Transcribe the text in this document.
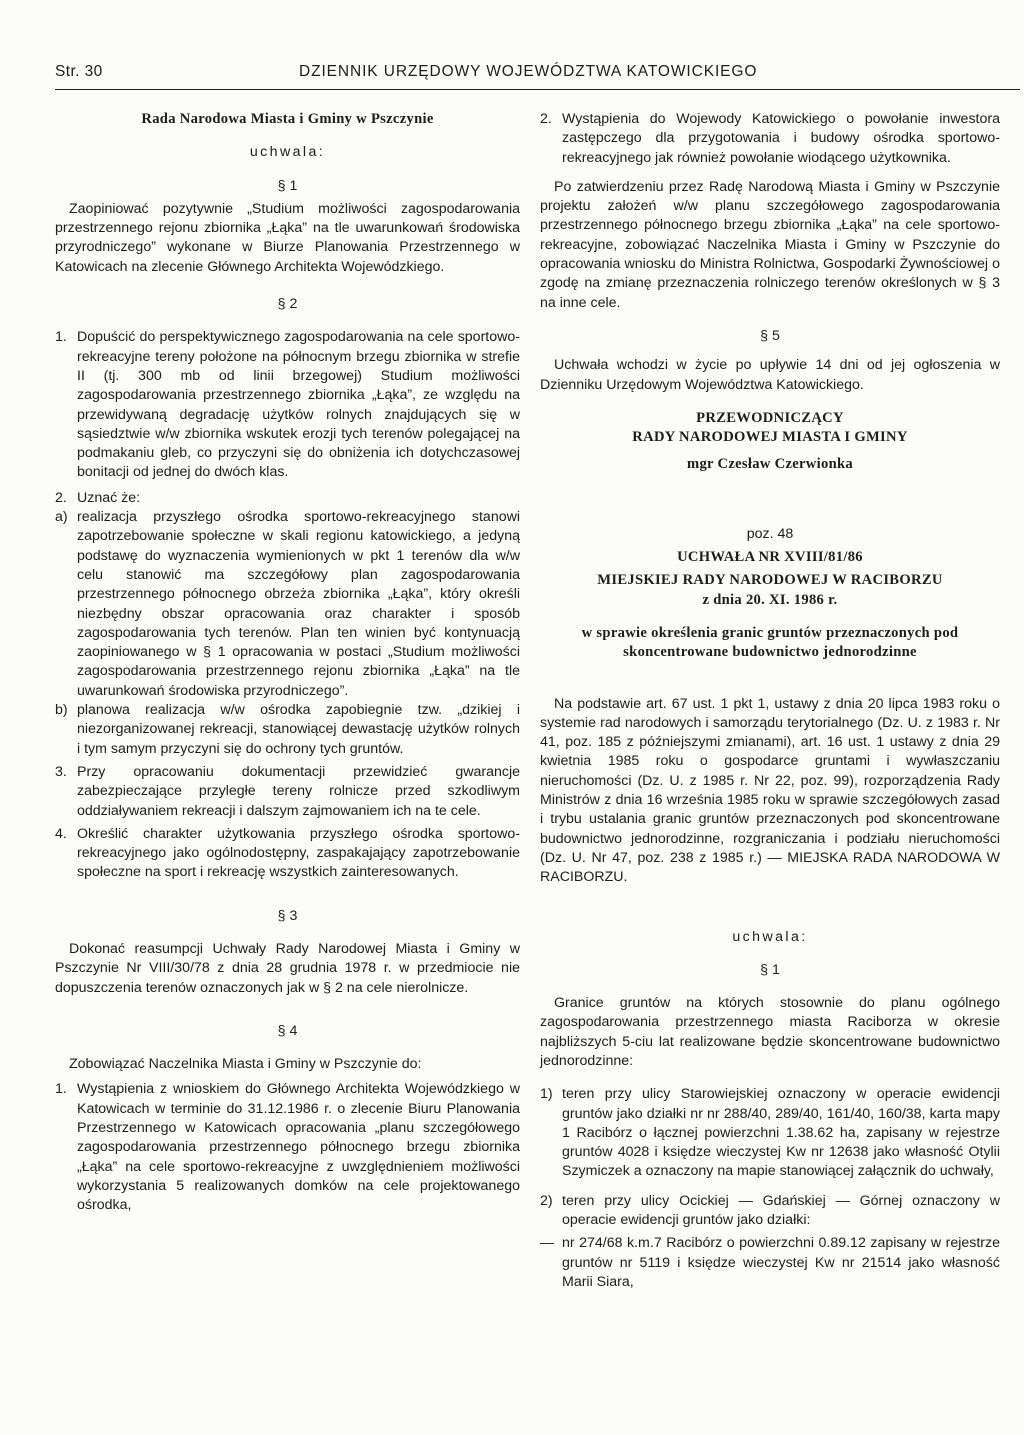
Str. 30	DZIENNIK URZĘDOWY WOJEWÓDZTWA KATOWICKIEGO

Rada Narodowa Miasta i Gminy w Pszczynie

uchwala:

§ 1

Zaopiniować pozytywnie „Studium możliwości zagospodarowania przestrzennego rejonu zbiornika „Łąka” na tle uwarunkowań środowiska przyrodniczego” wykonane w Biurze Planowania Przestrzennego w Katowicach na zlecenie Głównego Architekta Wojewódzkiego.

§ 2

1. Dopuścić do perspektywicznego zagospodarowania na cele sportowo-rekreacyjne tereny położone na północnym brzegu zbiornika w strefie II (tj. 300 mb od linii brzegowej) Studium możliwości zagospodarowania przestrzennego zbiornika „Łąka”, ze względu na przewidywaną degradację użytków rolnych znajdujących się w sąsiedztwie w/w zbiornika wskutek erozji tych terenów polegającej na podmakaniu gleb, co przyczyni się do obniżenia ich dotychczasowej bonitacji od jednej do dwóch klas.
2. Uznać że:
a) realizacja przyszłego ośrodka sportowo-rekreacyjnego stanowi zapotrzebowanie społeczne w skali regionu katowickiego, a jedyną podstawę do wyznaczenia wymienionych w pkt 1 terenów dla w/w celu stanowić ma szczegółowy plan zagospodarowania przestrzennego północnego obrzeża zbiornika „Łąka”, który określi niezbędny obszar opracowania oraz charakter i sposób zagospodarowania tych terenów. Plan ten winien być kontynuacją zaopiniowanego w § 1 opracowania w postaci „Studium możliwości zagospodarowania przestrzennego rejonu zbiornika „Łąka” na tle uwarunkowań środowiska przyrodniczego”.
b) planowa realizacja w/w ośrodka zapobiegnie tzw. „dzikiej i niezorganizowanej rekreacji, stanowiącej dewastację użytków rolnych i tym samym przyczyni się do ochrony tych gruntów.
3. Przy opracowaniu dokumentacji przewidzieć gwarancje zabezpieczające przyległe tereny rolnicze przed szkodliwym oddziaływaniem rekreacji i dalszym zajmowaniem ich na te cele.
4. Określić charakter użytkowania przyszłego ośrodka sportowo-rekreacyjnego jako ogólnodostępny, zaspakajający zapotrzebowanie społeczne na sport i rekreację wszystkich zainteresowanych.

§ 3

Dokonać reasumpcji Uchwały Rady Narodowej Miasta i Gminy w Pszczynie Nr VIII/30/78 z dnia 28 grudnia 1978 r. w przedmiocie nie dopuszczenia terenów oznaczonych jak w § 2 na cele nierolnicze.

§ 4

Zobowiązać Naczelnika Miasta i Gminy w Pszczynie do:

1. Wystąpienia z wnioskiem do Głównego Architekta Wojewódzkiego w Katowicach w terminie do 31.12.1986 r. o zlecenie Biuru Planowania Przestrzennego w Katowicach opracowania „planu szczegółowego zagospodarowania przestrzennego północnego brzegu zbiornika „Łąka” na cele sportowo-rekreacyjne z uwzględnieniem możliwości wykorzystania 5 realizowanych domków na cele projektowanego ośrodka,
2. Wystąpienia do Wojewody Katowickiego o powołanie inwestora zastępczego dla przygotowania i budowy ośrodka sportowo-rekreacyjnego jak również powołanie wiodącego użytkownika.

Po zatwierdzeniu przez Radę Narodową Miasta i Gminy w Pszczynie projektu założeń w/w planu szczegółowego zagospodarowania przestrzennego północnego brzegu zbiornika „Łąka” na cele sportowo-rekreacyjne, zobowiązać Naczelnika Miasta i Gminy w Pszczynie do opracowania wniosku do Ministra Rolnictwa, Gospodarki Żywnościowej o zgodę na zmianę przeznaczenia rolniczego terenów określonych w § 3 na inne cele.

§ 5

Uchwała wchodzi w życie po upływie 14 dni od jej ogłoszenia w Dzienniku Urzędowym Województwa Katowickiego.

PRZEWODNICZĄCY

RADY NARODOWEJ MIASTA I GMINY

mgr Czesław Czerwionka

poz. 48

UCHWAŁA NR XVIII/81/86

MIEJSKIEJ RADY NARODOWEJ W RACIBORZU

z dnia 20. XI. 1986 r.

w sprawie określenia granic gruntów przeznaczonych pod

skoncentrowane budownictwo jednorodzinne

Na podstawie art. 67 ust. 1 pkt 1, ustawy z dnia 20 lipca 1983 roku o systemie rad narodowych i samorządu terytorialnego (Dz. U. z 1983 r. Nr 41, poz. 185 z późniejszymi zmianami), art. 16 ust. 1 ustawy z dnia 29 kwietnia 1985 roku o gospodarce gruntami i wywłaszczaniu nieruchomości (Dz. U. z 1985 r. Nr 22, poz. 99), rozporządzenia Rady Ministrów z dnia 16 września 1985 roku w sprawie szczegółowych zasad i trybu ustalania granic gruntów przeznaczonych pod skoncentrowane budownictwo jednorodzinne, rozgraniczania i podziału nieruchomości (Dz. U. Nr 47, poz. 238 z 1985 r.) — MIEJSKA RADA NARODOWA W RACIBORZU.

uchwala:

§ 1

Granice gruntów na których stosownie do planu ogólnego zagospodarowania przestrzennego miasta Raciborza w okresie najbliższych 5-ciu lat realizowane będzie skoncentrowane budownictwo jednorodzinne:

1) teren przy ulicy Starowiejskiej oznaczony w operacie ewidencji gruntów jako działki nr nr 288/40, 289/40, 161/40, 160/38, karta mapy 1 Racibórz o łącznej powierzchni 1.38.62 ha, zapisany w rejestrze gruntów 4028 i księdze wieczystej Kw nr 12638 jako własność Otylii Szymiczek a oznaczony na mapie stanowiącej załącznik do uchwały,
2) teren przy ulicy Ocickiej — Gdańskiej — Górnej oznaczony w operacie ewidencji gruntów jako działki:
— nr 274/68 k.m.7 Racibórz o powierzchni 0.89.12 zapisany w rejestrze gruntów nr 5119 i księdze wieczystej Kw nr 21514 jako własność Marii Siara,
